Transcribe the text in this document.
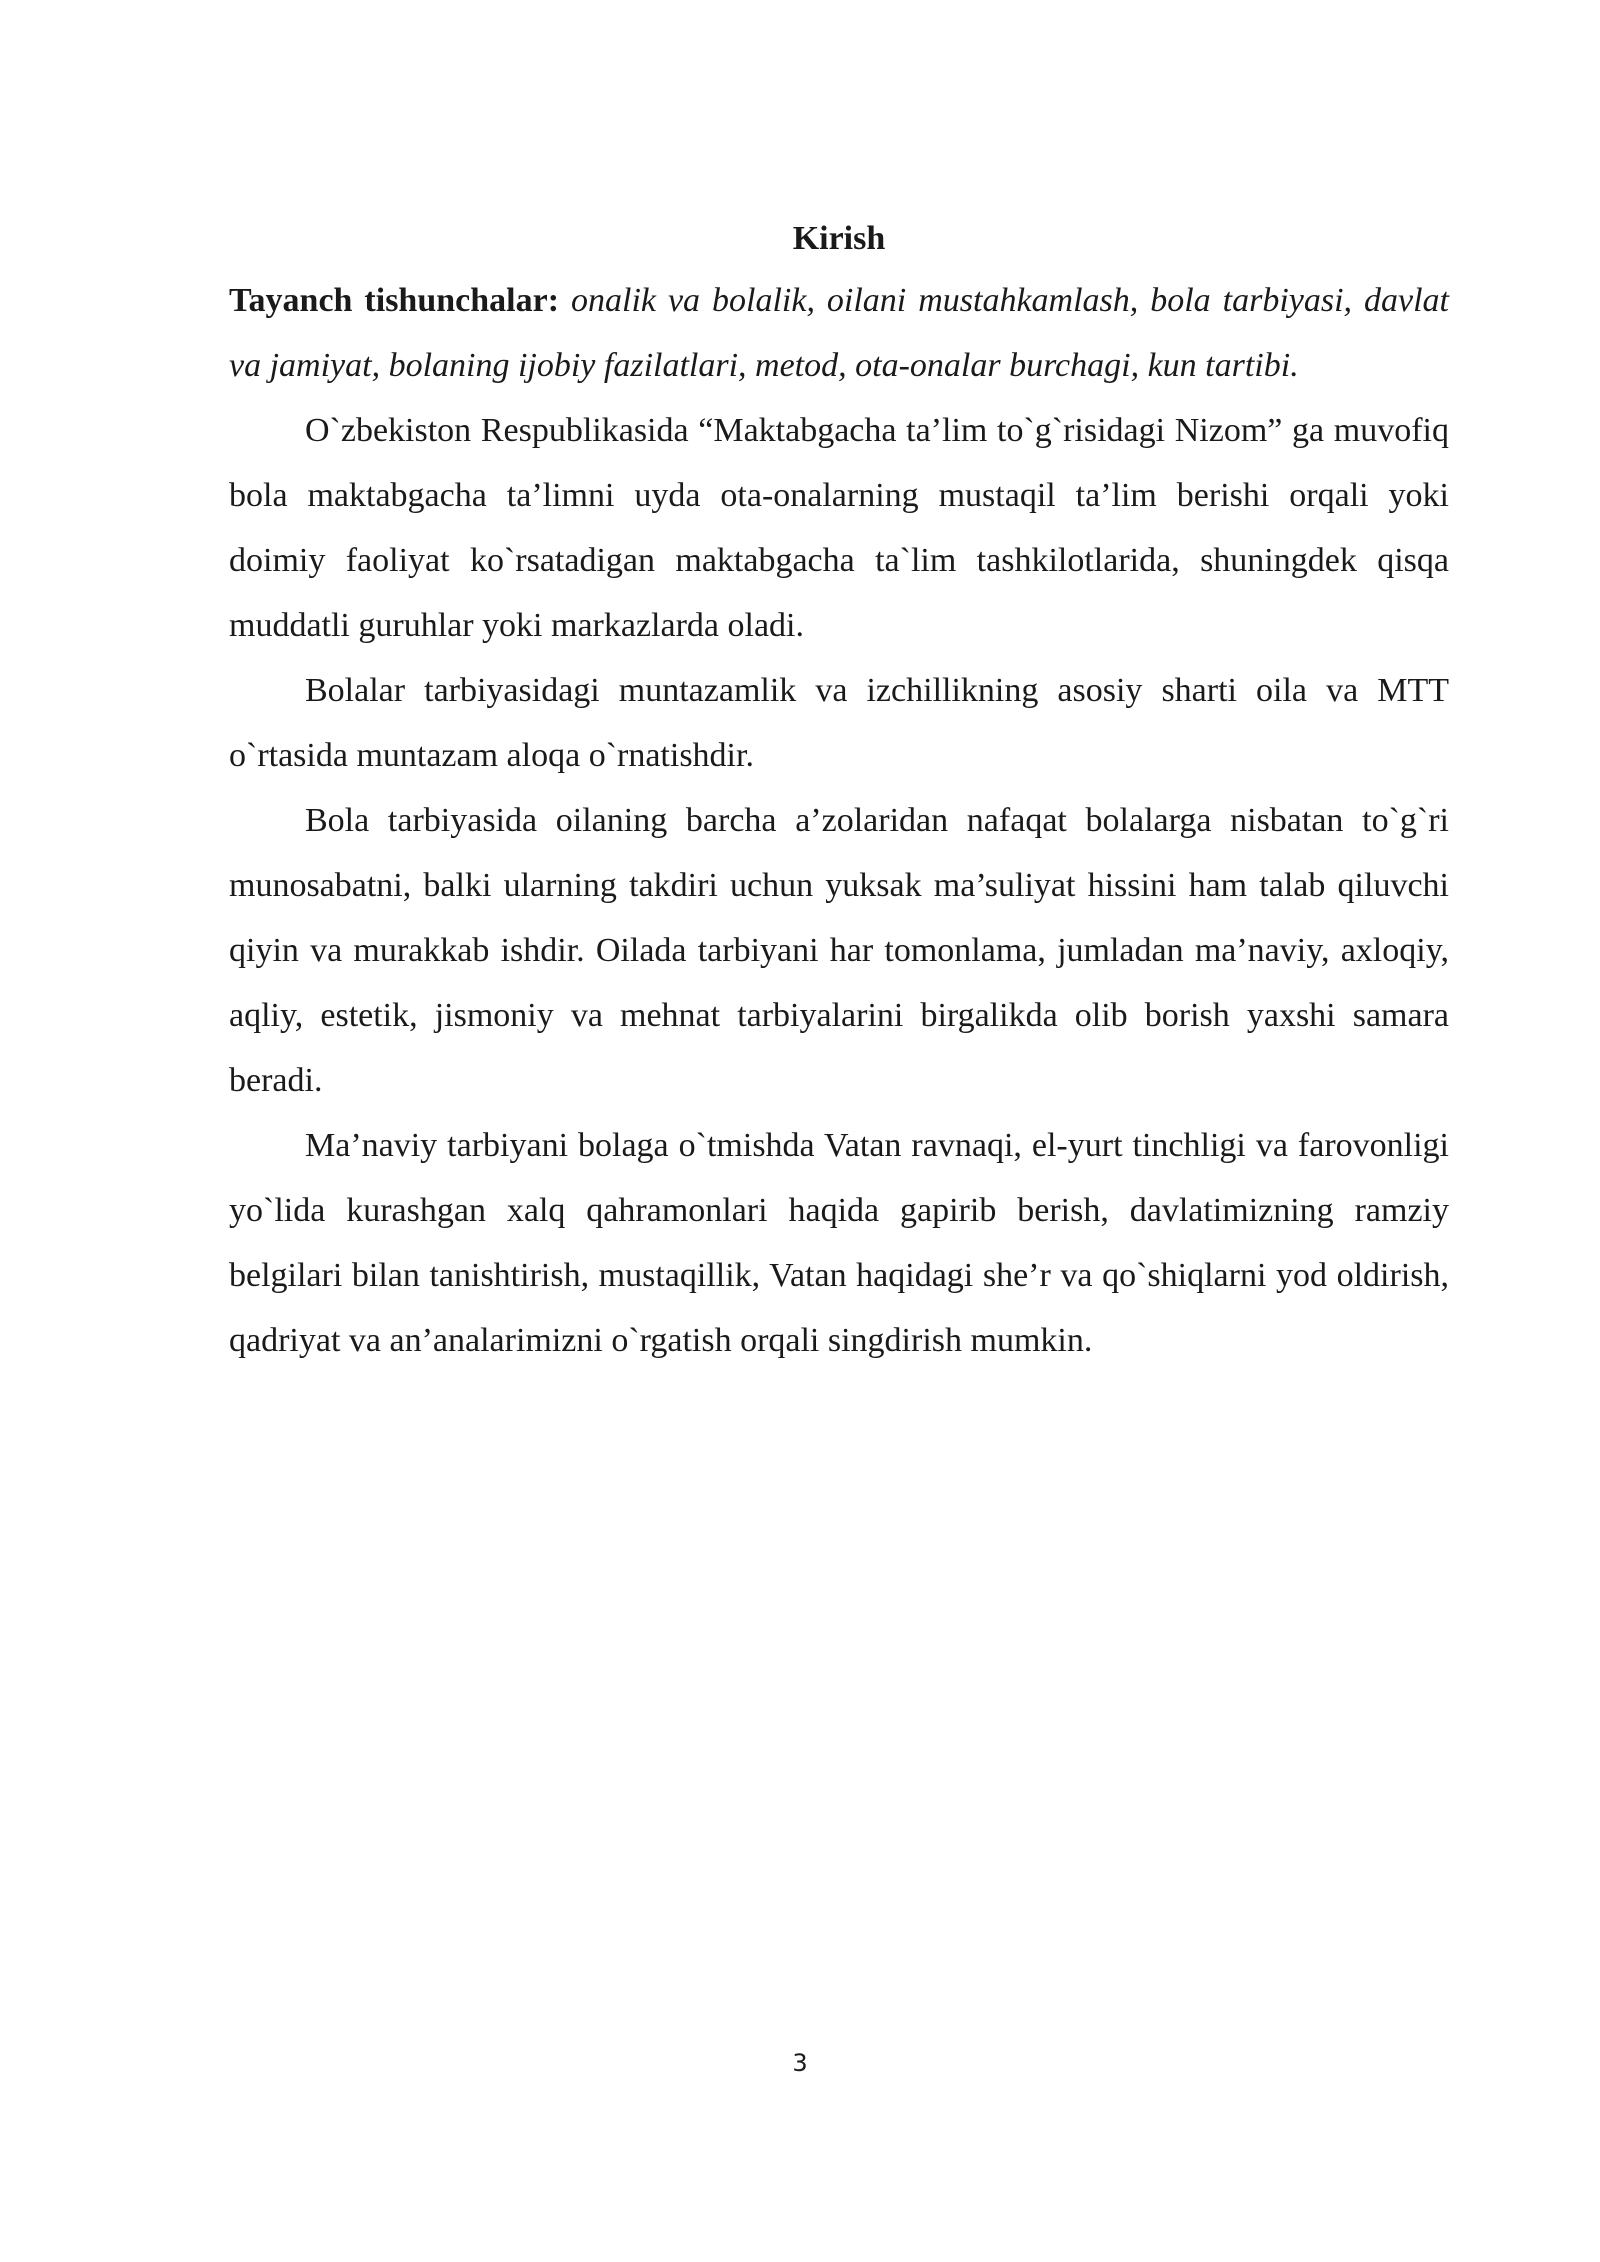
Kirish

Tayanch tishunchalar: onalik va bolalik, oilani mustahkamlash, bola tarbiyasi, davlat va jamiyat, bolaning ijobiy fazilatlari, metod, ota-onalar burchagi, kun tartibi.

O`zbekiston Respublikasida “Maktabgacha ta’lim to`g`risidagi Nizom” ga muvofiq bola maktabgacha ta’limni uyda ota-onalarning mustaqil ta’lim berishi orqali yoki doimiy faoliyat ko`rsatadigan maktabgacha ta`lim tashkilotlarida, shuningdek qisqa muddatli guruhlar yoki markazlarda oladi.

Bolalar tarbiyasidagi muntazamlik va izchillikning asosiy sharti oila va MTT o`rtasida muntazam aloqa o`rnatishdir.

Bola tarbiyasida oilaning barcha a’zolaridan nafaqat bolalarga nisbatan to`g`ri munosabatni, balki ularning takdiri uchun yuksak ma’suliyat hissini ham talab qiluvchi qiyin va murakkab ishdir. Oilada tarbiyani har tomonlama, jumladan ma’naviy, axloqiy, aqliy, estetik, jismoniy va mehnat tarbiyalarini birgalikda olib borish yaxshi samara beradi.

Ma’naviy tarbiyani bolaga o`tmishda Vatan ravnaqi, el-yurt tinchligi va farovonligi yo`lida kurashgan xalq qahramonlari haqida gapirib berish, davlatimizning ramziy belgilari bilan tanishtirish, mustaqillik, Vatan haqidagi she’r va qo`shiqlarni yod oldirish, qadriyat va an’analarimizni o`rgatish orqali singdirish mumkin.

3
